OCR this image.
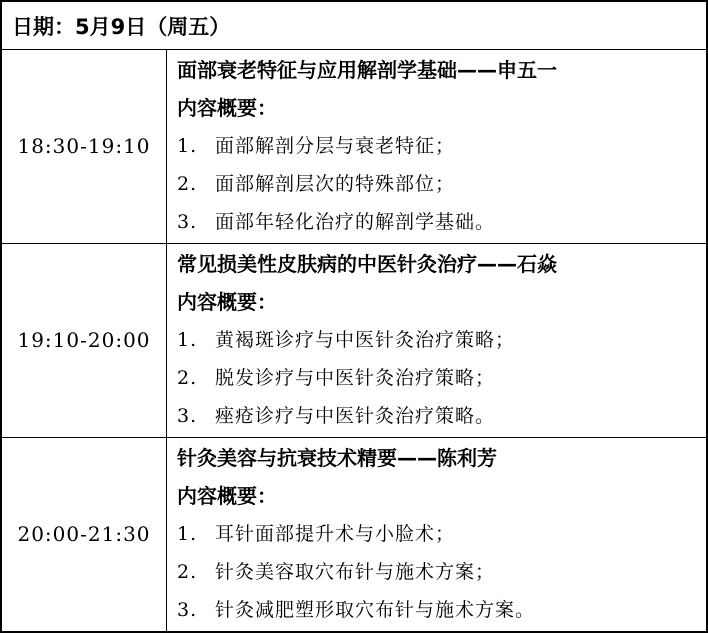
日期：5月9日（周五）
18:30-19:10	面部衰老特征与应用解剖学基础——申五一
内容概要：
1. 面部解剖分层与衰老特征；
2. 面部解剖层次的特殊部位；
3. 面部年轻化治疗的解剖学基础。

19:10-20:00	常见损美性皮肤病的中医针灸治疗——石焱
内容概要：
1. 黄褐斑诊疗与中医针灸治疗策略；
2. 脱发诊疗与中医针灸治疗策略；
3. 痤疮诊疗与中医针灸治疗策略。

20:00-21:30	针灸美容与抗衰技术精要——陈利芳
内容概要：
1. 耳针面部提升术与小脸术；
2. 针灸美容取穴布针与施术方案；
3. 针灸减肥塑形取穴布针与施术方案。
